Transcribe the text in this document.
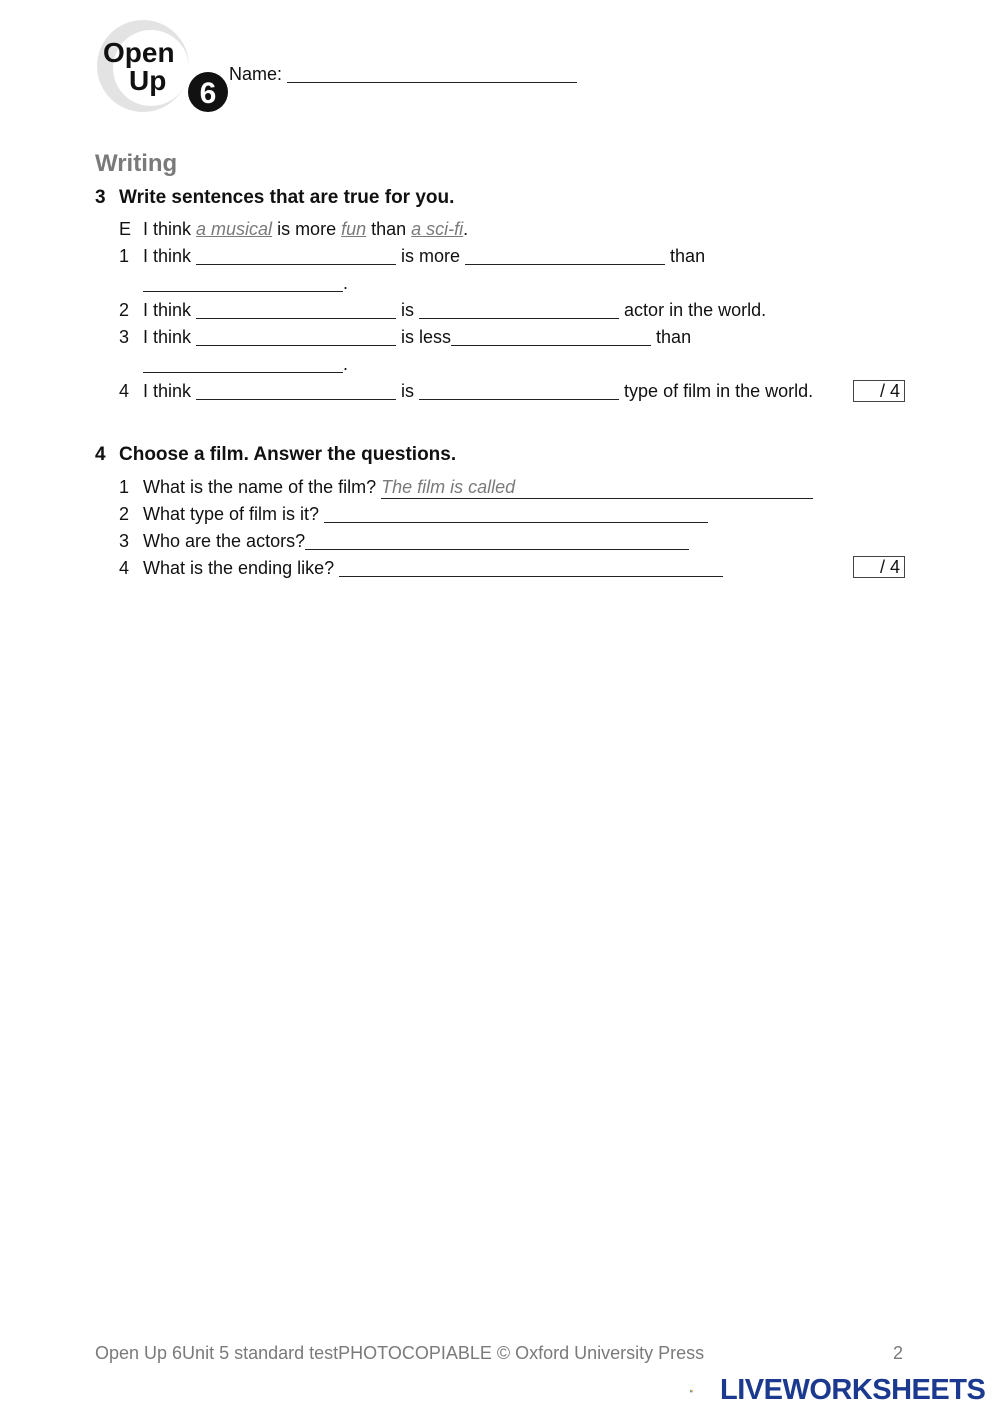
Open
Up 6
Name:
Writing
3 Write sentences that are true for you.
E I think a musical is more fun than a sci-fi.
1 I think	is more	than
.
2 I think	is	actor in the world.
3 I think	is less	than
.
4 I think	is	type of film in the world.	/ 4
4 Choose a film. Answer the questions.
1 What is the name of the film? The film is called
2 What type of film is it?
3 Who are the actors?
4 What is the ending like?	/ 4
Open Up 6Unit 5 standard testPHOTOCOPIABLE © Oxford University Press	2
LIVEWORKSHEETS
